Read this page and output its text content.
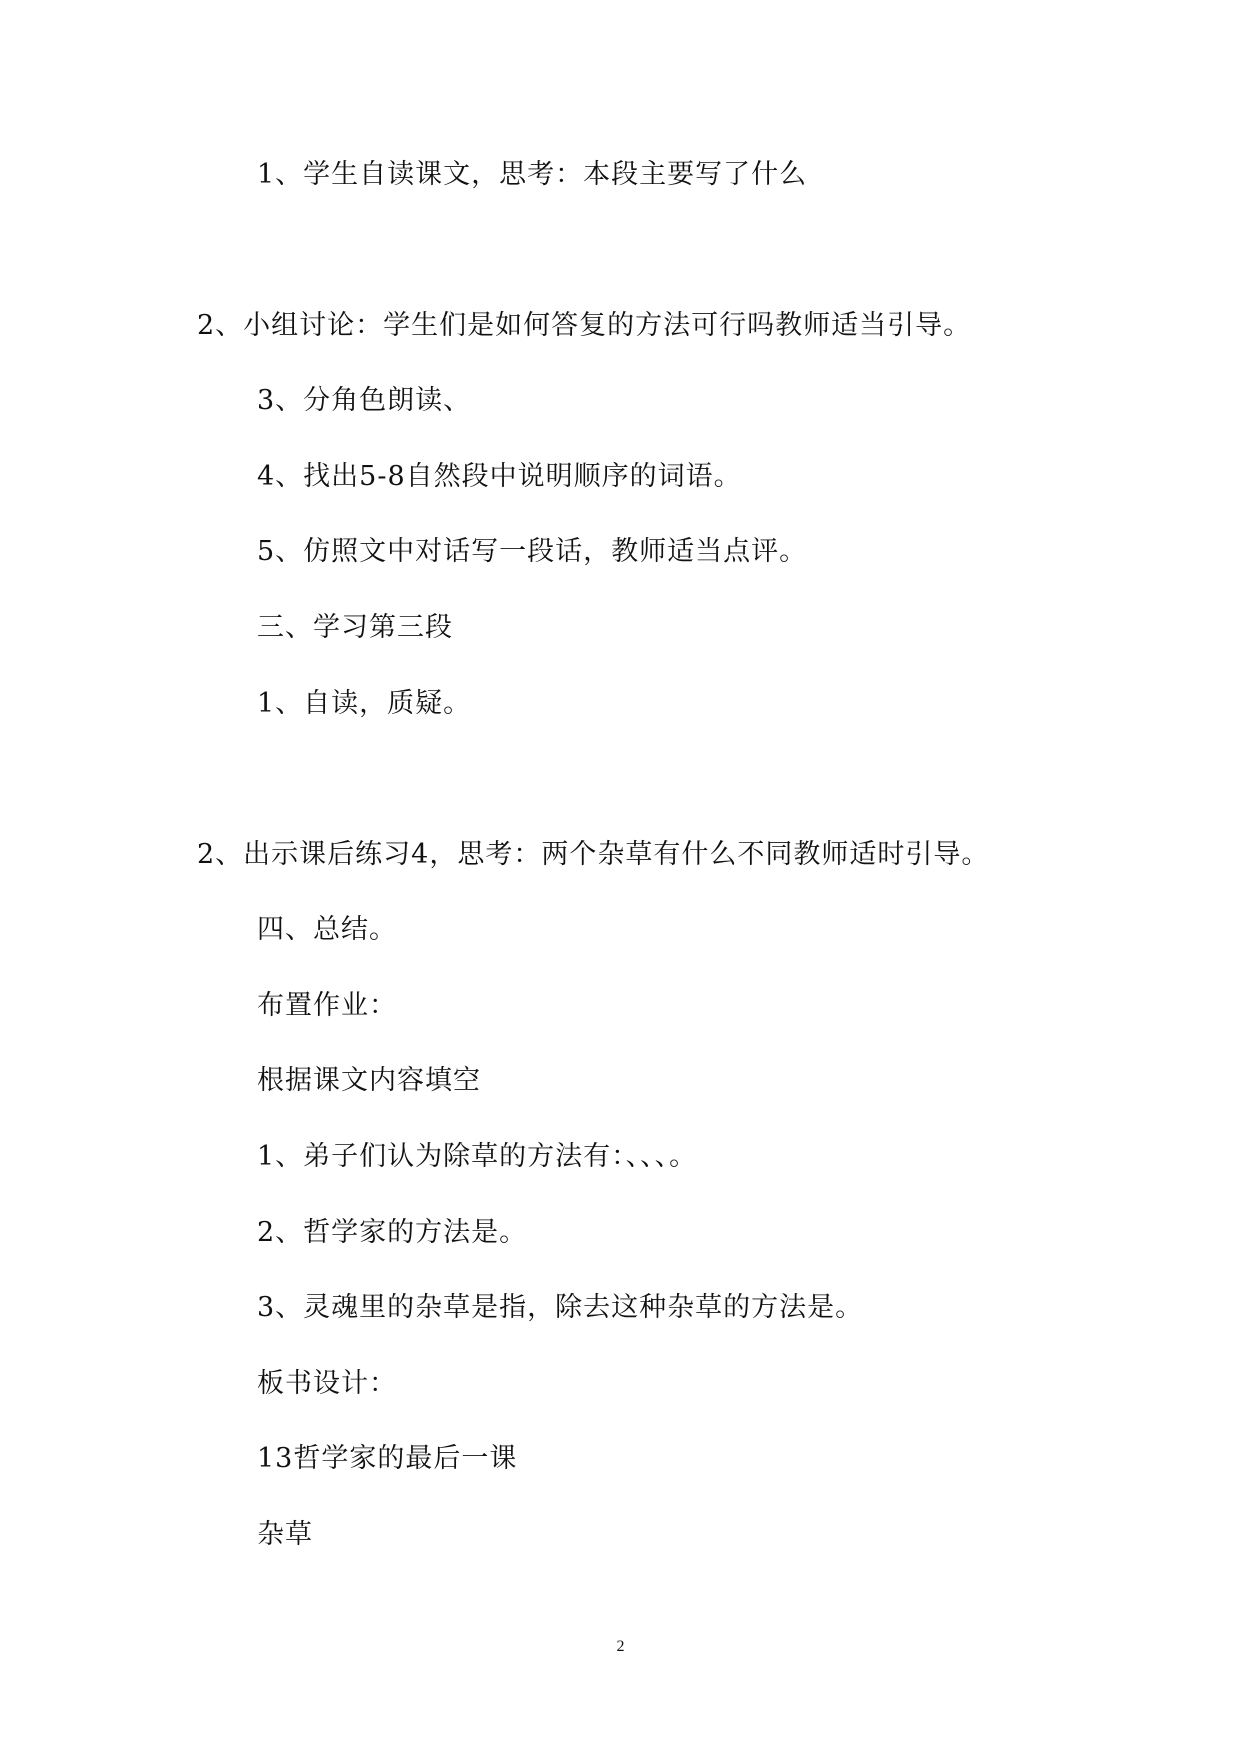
1、学生自读课文，思考：本段主要写了什么
2、小组讨论：学生们是如何答复的方法可行吗教师适当引导。
3、分角色朗读、
4、找出5-8自然段中说明顺序的词语。
5、仿照文中对话写一段话，教师适当点评。
三、学习第三段
1、自读，质疑。
2、出示课后练习4，思考：两个杂草有什么不同教师适时引导。
四、总结。
布置作业：
根据课文内容填空
1、弟子们认为除草的方法有：、、、。
2、哲学家的方法是。
3、灵魂里的杂草是指，除去这种杂草的方法是。
板书设计：
13哲学家的最后一课
杂草
2
